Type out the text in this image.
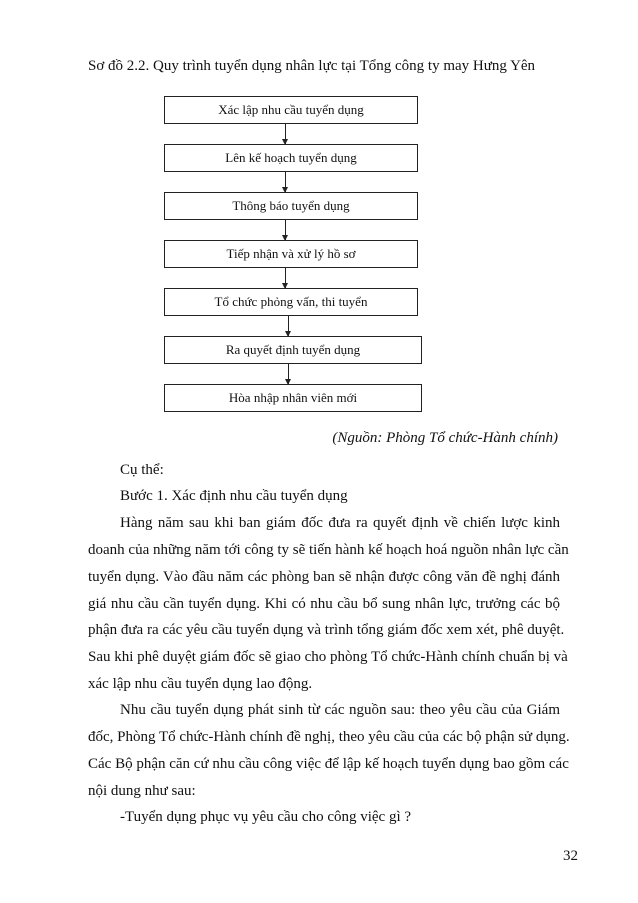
Sơ đồ 2.2. Quy trình tuyển dụng nhân lực tại Tổng công ty may Hưng Yên
Xác lập nhu cầu tuyển dụng
Lên kế hoạch tuyển dụng
Thông báo tuyển dụng
Tiếp nhận và xử lý hồ sơ
Tổ chức phỏng vấn, thi tuyển
Ra quyết định tuyển dụng
Hòa nhập nhân viên mới
(Nguồn: Phòng Tổ chức-Hành chính)
Cụ thể:
Bước 1. Xác định nhu cầu tuyển dụng
Hàng năm sau khi ban giám đốc đưa ra quyết định về chiến lược kinh
doanh của những năm tới công ty sẽ tiến hành kế hoạch hoá nguồn nhân lực cần
tuyển dụng. Vào đầu năm các phòng ban sẽ nhận được công văn đề nghị đánh
giá nhu cầu cần tuyển dụng. Khi có nhu cầu bổ sung nhân lực, trưởng các bộ
phận đưa ra các yêu cầu tuyển dụng và trình tổng giám đốc xem xét, phê duyệt.
Sau khi phê duyệt giám đốc sẽ giao cho phòng Tổ chức-Hành chính chuẩn bị và
xác lập nhu cầu tuyển dụng lao động.
Nhu cầu tuyển dụng phát sinh từ các nguồn sau: theo yêu cầu của Giám
đốc, Phòng Tổ chức-Hành chính đề nghị, theo yêu cầu của các bộ phận sử dụng.
Các Bộ phận căn cứ nhu cầu công việc để lập kế hoạch tuyển dụng bao gồm các
nội dung như sau:
-Tuyển dụng phục vụ yêu cầu cho công việc gì ?
32
